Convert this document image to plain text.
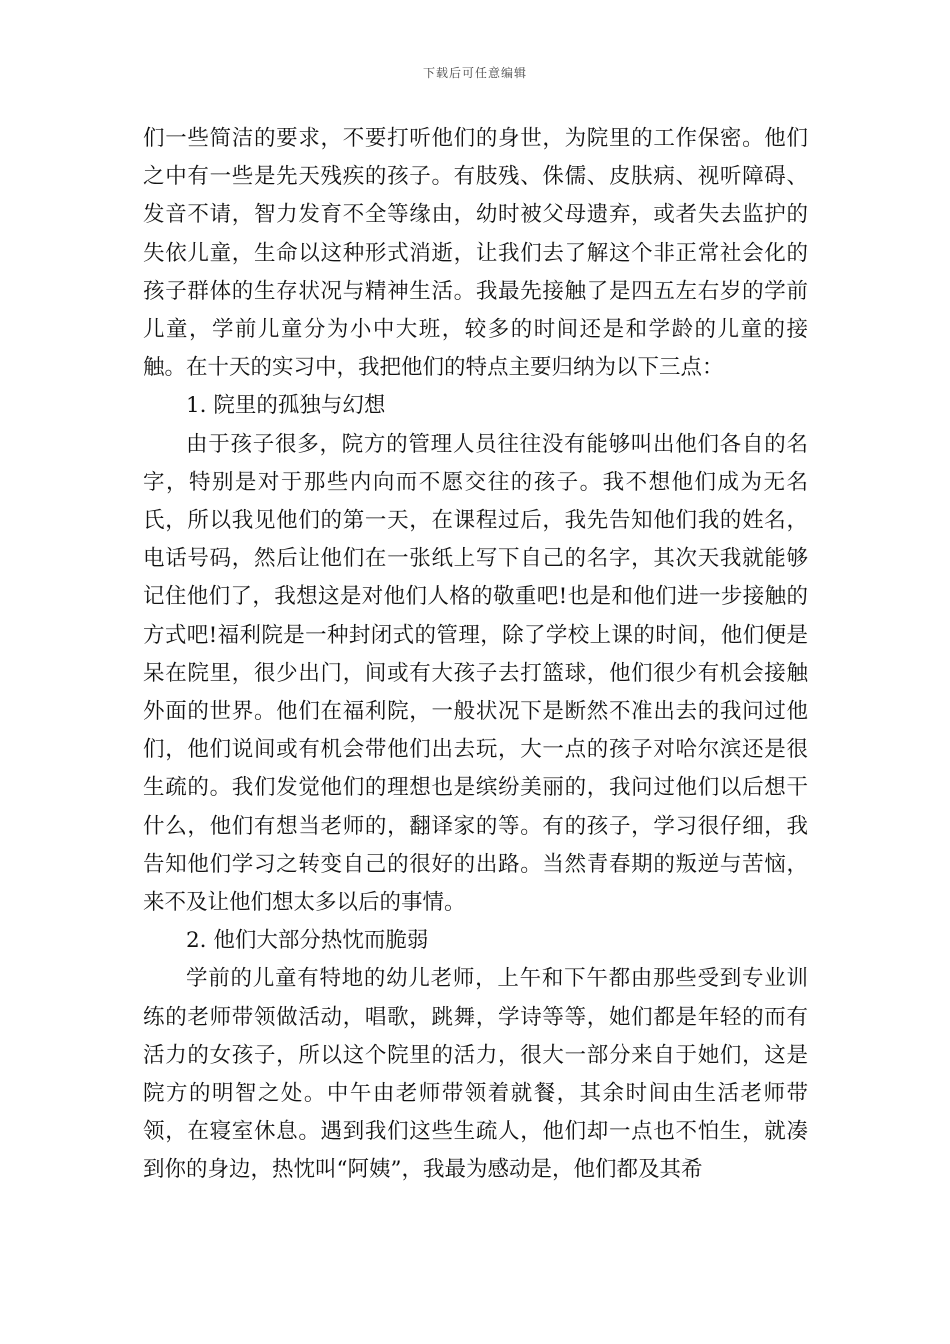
下载后可任意编辑

们一些简洁的要求，不要打听他们的身世，为院里的工作保密。他们之中有一些是先天残疾的孩子。有肢残、侏儒、皮肤病、视听障碍、发音不请，智力发育不全等缘由，幼时被父母遗弃，或者失去监护的失依儿童，生命以这种形式消逝，让我们去了解这个非正常社会化的孩子群体的生存状况与精神生活。我最先接触了是四五左右岁的学前儿童，学前儿童分为小中大班，较多的时间还是和学龄的儿童的接触。在十天的实习中，我把他们的特点主要归纳为以下三点：

1. 院里的孤独与幻想

由于孩子很多，院方的管理人员往往没有能够叫出他们各自的名字，特别是对于那些内向而不愿交往的孩子。我不想他们成为无名氏，所以我见他们的第一天，在课程过后，我先告知他们我的姓名，电话号码，然后让他们在一张纸上写下自己的名字，其次天我就能够记住他们了，我想这是对他们人格的敬重吧!也是和他们进一步接触的方式吧!福利院是一种封闭式的管理，除了学校上课的时间，他们便是呆在院里，很少出门，间或有大孩子去打篮球，他们很少有机会接触外面的世界。他们在福利院，一般状况下是断然不准出去的我问过他们，他们说间或有机会带他们出去玩，大一点的孩子对哈尔滨还是很生疏的。我们发觉他们的理想也是缤纷美丽的，我问过他们以后想干什么，他们有想当老师的，翻译家的等。有的孩子，学习很仔细，我告知他们学习之转变自己的很好的出路。当然青春期的叛逆与苦恼，来不及让他们想太多以后的事情。

2. 他们大部分热忱而脆弱

学前的儿童有特地的幼儿老师，上午和下午都由那些受到专业训练的老师带领做活动，唱歌，跳舞，学诗等等，她们都是年轻的而有活力的女孩子，所以这个院里的活力，很大一部分来自于她们，这是院方的明智之处。中午由老师带领着就餐，其余时间由生活老师带领，在寝室休息。遇到我们这些生疏人，他们却一点也不怕生，就凑到你的身边，热忱叫“阿姨”，我最为感动是，他们都及其希
